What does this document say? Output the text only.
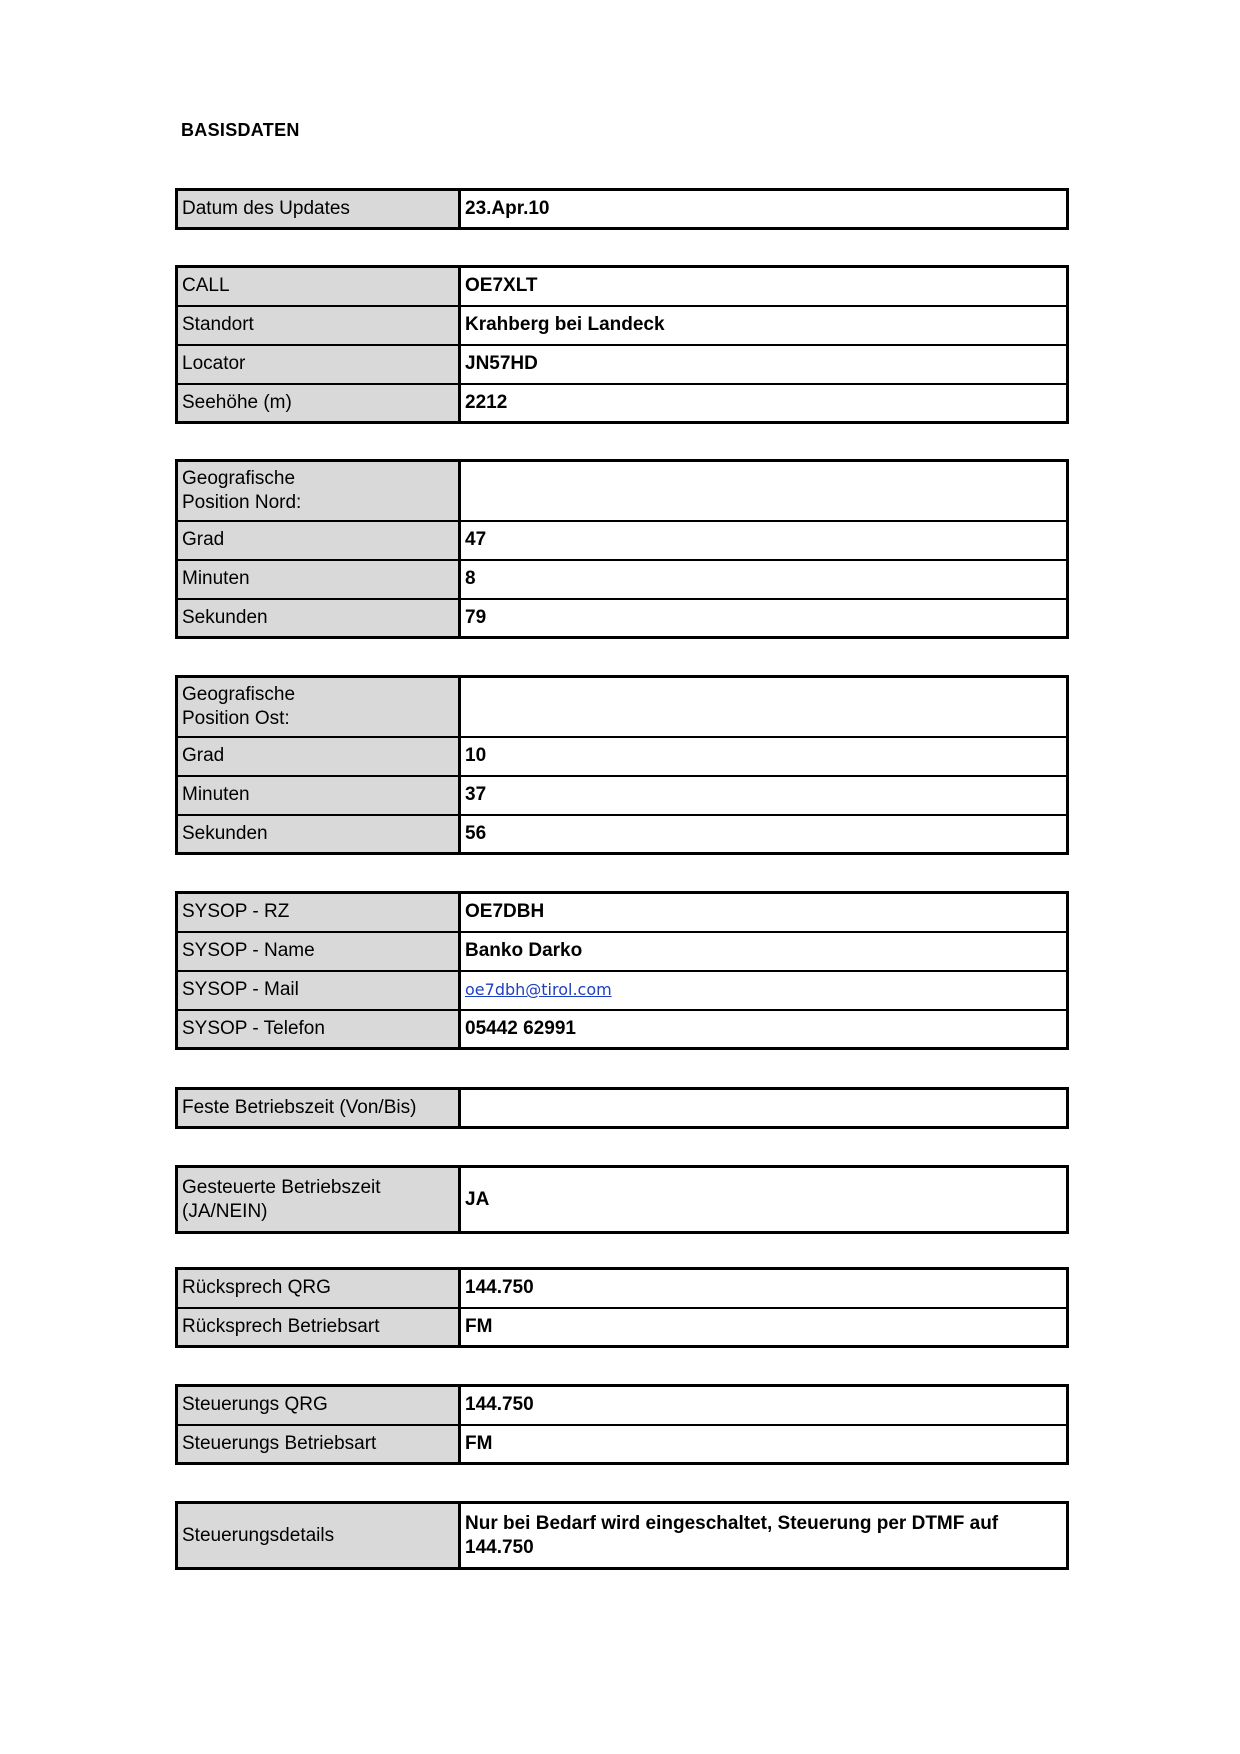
BASISDATEN
Datum des Updates	23.Apr.10
CALL	OE7XLT
Standort	Krahberg bei Landeck
Locator	JN57HD
Seehöhe (m)	2212
Geografische
Position Nord:	
Grad	47
Minuten	8
Sekunden	79
Geografische
Position Ost:	
Grad	10
Minuten	37
Sekunden	56
SYSOP - RZ	OE7DBH
SYSOP - Name	Banko Darko
SYSOP - Mail	oe7dbh@tirol.com
SYSOP - Telefon	05442 62991
Feste Betriebszeit (Von/Bis)	
Gesteuerte Betriebszeit
(JA/NEIN)	JA
Rücksprech QRG	144.750
Rücksprech Betriebsart	FM
Steuerungs QRG	144.750
Steuerungs Betriebsart	FM
Steuerungsdetails	Nur bei Bedarf wird eingeschaltet, Steuerung per DTMF auf
144.750
